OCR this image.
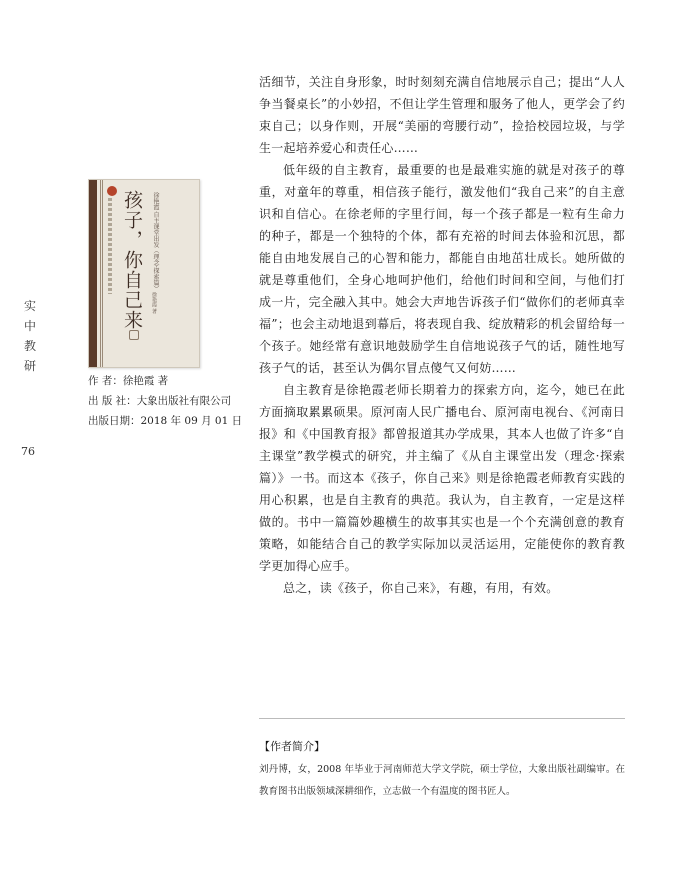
实
中
教
研
76
孩子，你自己来 徐艳霞 自主课堂出发（理念·探索篇）
徐艳霞 著
作 者：徐艳霞 著
出 版 社：大象出版社有限公司
出版日期：2018 年 09 月 01 日

活细节，关注自身形象，时时刻刻充满自信地展示自己；提出“人人争当餐桌长”的小妙招，不但让学生管理和服务了他人，更学会了约束自己；以身作则，开展“美丽的弯腰行动”，捡拾校园垃圾，与学生一起培养爱心和责任心……

低年级的自主教育，最重要的也是最难实施的就是对孩子的尊重，对童年的尊重，相信孩子能行，激发他们“我自己来”的自主意识和自信心。在徐老师的字里行间，每一个孩子都是一粒有生命力的种子，都是一个独特的个体，都有充裕的时间去体验和沉思，都能自由地发展自己的心智和能力，都能自由地茁壮成长。她所做的就是尊重他们，全身心地呵护他们，给他们时间和空间，与他们打成一片，完全融入其中。她会大声地告诉孩子们“做你们的老师真幸福”；也会主动地退到幕后，将表现自我、绽放精彩的机会留给每一个孩子。她经常有意识地鼓励学生自信地说孩子气的话，随性地写孩子气的话，甚至认为偶尔冒点傻气又何妨……

自主教育是徐艳霞老师长期着力的探索方向，迄今，她已在此方面摘取累累硕果。原河南人民广播电台、原河南电视台、《河南日报》和《中国教育报》都曾报道其办学成果，其本人也做了许多“自主课堂”教学模式的研究，并主编了《从自主课堂出发（理念·探索篇）》一书。而这本《孩子，你自己来》则是徐艳霞老师教育实践的用心积累，也是自主教育的典范。我认为，自主教育，一定是这样做的。书中一篇篇妙趣横生的故事其实也是一个个充满创意的教育策略，如能结合自己的教学实际加以灵活运用，定能使你的教育教学更加得心应手。

总之，读《孩子，你自己来》，有趣，有用，有效。

【作者简介】
刘丹博，女，2008 年毕业于河南师范大学文学院，硕士学位，大象出版社副编审。在教育图书出版领域深耕细作，立志做一个有温度的图书匠人。
